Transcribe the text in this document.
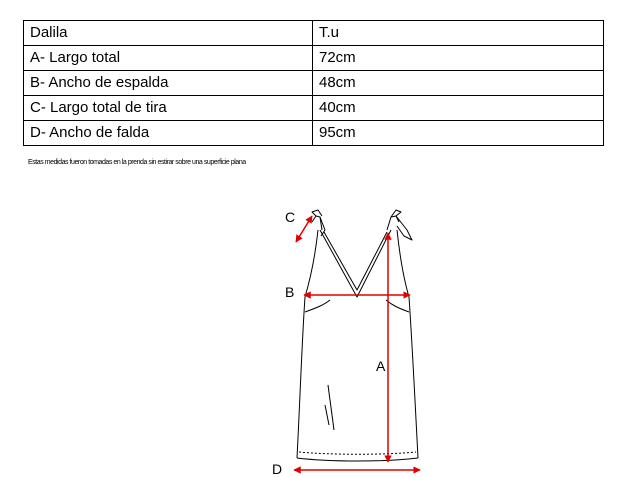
Dalila	T.u
A- Largo total	72cm
B- Ancho de espalda	48cm
C- Largo total de tira	40cm
D- Ancho de falda	95cm
Estas medidas fueron tomadas en la prenda sin estirar sobre una superficie plana
C
B
A
D
